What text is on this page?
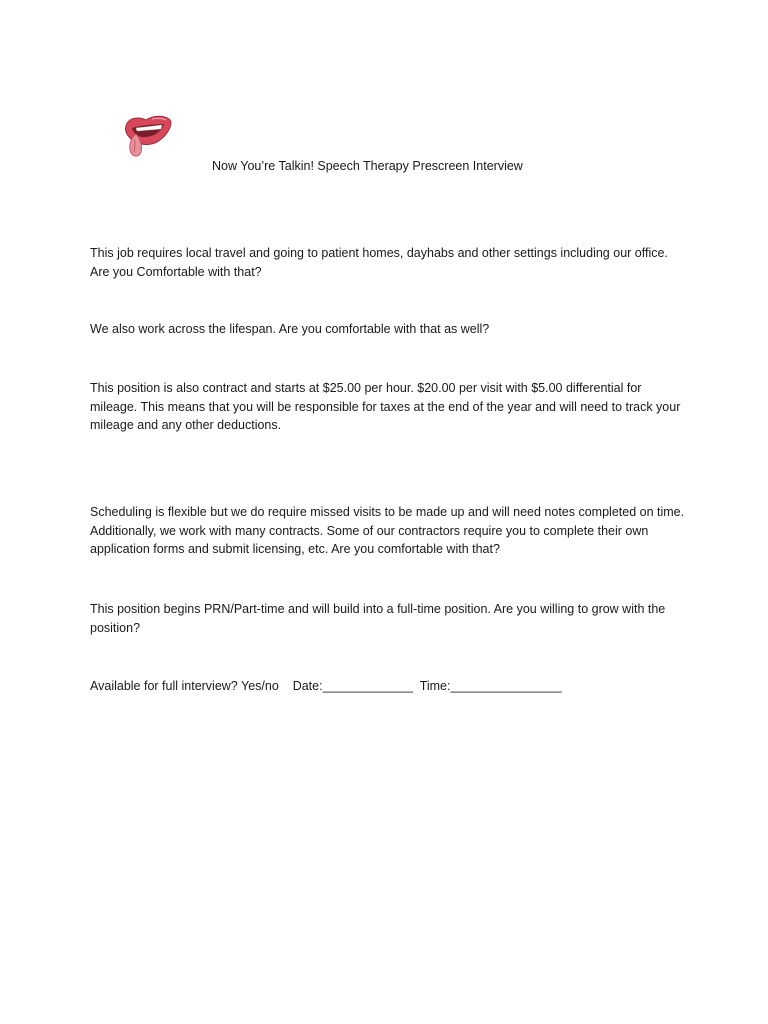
Now You’re Talkin! Speech Therapy Prescreen Interview

This job requires local travel and going to patient homes, dayhabs and other settings including our office. Are you Comfortable with that?

We also work across the lifespan. Are you comfortable with that as well?

This position is also contract and starts at $25.00 per hour. $20.00 per visit with $5.00 differential for mileage. This means that you will be responsible for taxes at the end of the year and will need to track your mileage and any other deductions.

Scheduling is flexible but we do require missed visits to be made up and will need notes completed on time. Additionally, we work with many contracts. Some of our contractors require you to complete their own application forms and submit licensing, etc. Are you comfortable with that?

This position begins PRN/Part-time and will build into a full-time position. Are you willing to grow with the position?

Available for full interview? Yes/no Date:_____________ Time:________________
